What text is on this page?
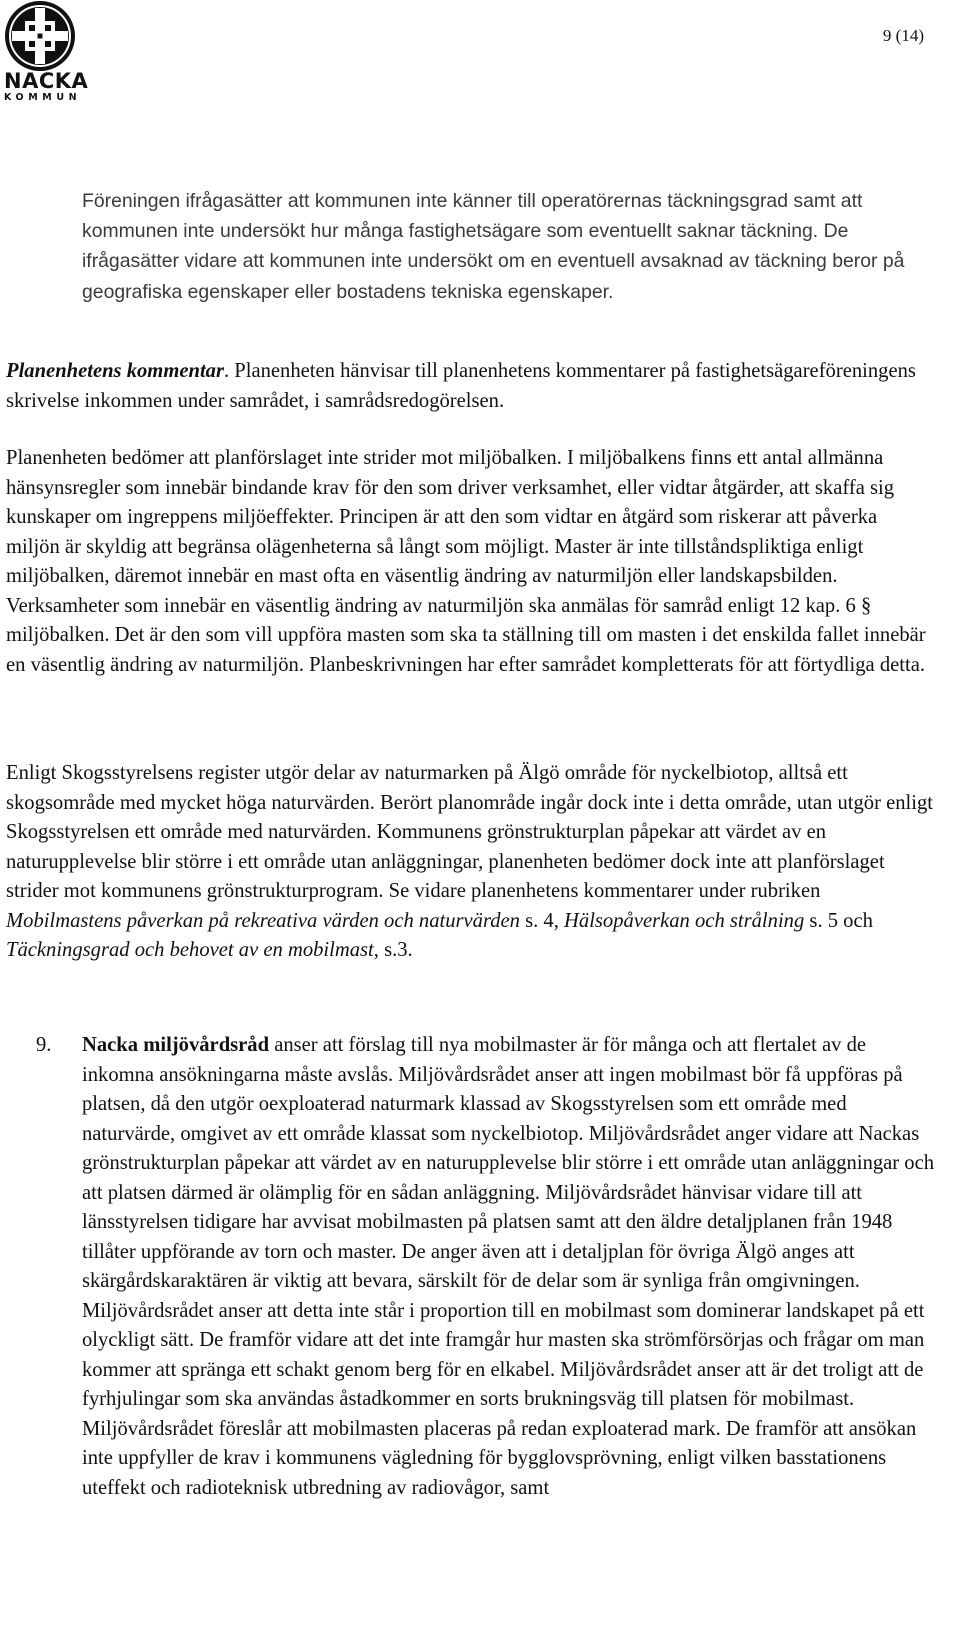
NACKA
KOMMUN
9 (14)

Föreningen ifrågasätter att kommunen inte känner till operatörernas täckningsgrad samt att kommunen inte undersökt hur många fastighetsägare som eventuellt saknar täckning. De ifrågasätter vidare att kommunen inte undersökt om en eventuell avsaknad av täckning beror på geografiska egenskaper eller bostadens tekniska egenskaper.

Planenhetens kommentar. Planenheten hänvisar till planenhetens kommentarer på fastighetsägareföreningens skrivelse inkommen under samrådet, i samrådsredogörelsen.

Planenheten bedömer att planförslaget inte strider mot miljöbalken. I miljöbalkens finns ett antal allmänna hänsynsregler som innebär bindande krav för den som driver verksamhet, eller vidtar åtgärder, att skaffa sig kunskaper om ingreppens miljöeffekter. Principen är att den som vidtar en åtgärd som riskerar att påverka miljön är skyldig att begränsa olägenheterna så långt som möjligt. Master är inte tillståndspliktiga enligt miljöbalken, däremot innebär en mast ofta en väsentlig ändring av naturmiljön eller landskapsbilden. Verksamheter som innebär en väsentlig ändring av naturmiljön ska anmälas för samråd enligt 12 kap. 6 § miljöbalken. Det är den som vill uppföra masten som ska ta ställning till om masten i det enskilda fallet innebär en väsentlig ändring av naturmiljön. Planbeskrivningen har efter samrådet kompletterats för att förtydliga detta.

Enligt Skogsstyrelsens register utgör delar av naturmarken på Älgö område för nyckelbiotop, alltså ett skogsområde med mycket höga naturvärden. Berört planområde ingår dock inte i detta område, utan utgör enligt Skogsstyrelsen ett område med naturvärden. Kommunens grönstrukturplan påpekar att värdet av en naturupplevelse blir större i ett område utan anläggningar, planenheten bedömer dock inte att planförslaget strider mot kommunens grönstrukturprogram. Se vidare planenhetens kommentarer under rubriken Mobilmastens påverkan på rekreativa värden och naturvärden s. 4, Hälsopåverkan och strålning s. 5 och Täckningsgrad och behovet av en mobilmast, s.3.

9. Nacka miljövårdsråd anser att förslag till nya mobilmaster är för många och att flertalet av de inkomna ansökningarna måste avslås. Miljövårdsrådet anser att ingen mobilmast bör få uppföras på platsen, då den utgör oexploaterad naturmark klassad av Skogsstyrelsen som ett område med naturvärde, omgivet av ett område klassat som nyckelbiotop. Miljövårdsrådet anger vidare att Nackas grönstrukturplan påpekar att värdet av en naturupplevelse blir större i ett område utan anläggningar och att platsen därmed är olämplig för en sådan anläggning. Miljövårdsrådet hänvisar vidare till att länsstyrelsen tidigare har avvisat mobilmasten på platsen samt att den äldre detaljplanen från 1948 tillåter uppförande av torn och master. De anger även att i detaljplan för övriga Älgö anges att skärgårdskaraktären är viktig att bevara, särskilt för de delar som är synliga från omgivningen. Miljövårdsrådet anser att detta inte står i proportion till en mobilmast som dominerar landskapet på ett olyckligt sätt. De framför vidare att det inte framgår hur masten ska strömförsörjas och frågar om man kommer att spränga ett schakt genom berg för en elkabel. Miljövårdsrådet anser att är det troligt att de fyrhjulingar som ska användas åstadkommer en sorts brukningsväg till platsen för mobilmast. Miljövårdsrådet föreslår att mobilmasten placeras på redan exploaterad mark. De framför att ansökan inte uppfyller de krav i kommunens vägledning för bygglovsprövning, enligt vilken basstationens uteffekt och radioteknisk utbredning av radiovågor, samt
